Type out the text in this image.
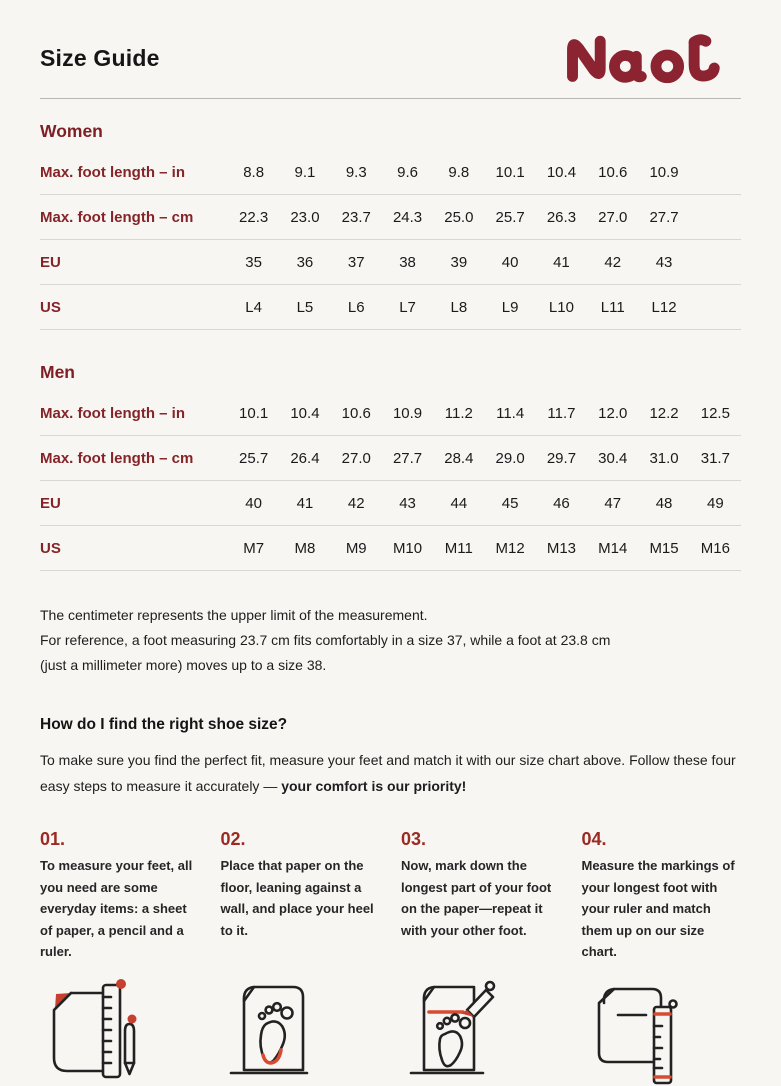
Size Guide
Women
Max. foot length – in	8.8	9.1	9.3	9.6	9.8	10.1	10.4	10.6	10.9
Max. foot length – cm	22.3	23.0	23.7	24.3	25.0	25.7	26.3	27.0	27.7
EU	35	36	37	38	39	40	41	42	43
US	L4	L5	L6	L7	L8	L9	L10	L11	L12
Men
Max. foot length – in	10.1	10.4	10.6	10.9	11.2	11.4	11.7	12.0	12.2	12.5
Max. foot length – cm	25.7	26.4	27.0	27.7	28.4	29.0	29.7	30.4	31.0	31.7
EU	40	41	42	43	44	45	46	47	48	49
US	M7	M8	M9	M10	M11	M12	M13	M14	M15	M16
The centimeter represents the upper limit of the measurement.
For reference, a foot measuring 23.7 cm fits comfortably in a size 37, while a foot at 23.8 cm
(just a millimeter more) moves up to a size 38.
How do I find the right shoe size?
To make sure you find the perfect fit, measure your feet and match it with our size chart above. Follow these four easy steps to measure it accurately — your comfort is our priority!
01.
To measure your feet, all you need are some everyday items: a sheet of paper, a pencil and a ruler.
02.
Place that paper on the floor, leaning against a wall, and place your heel to it.
03.
Now, mark down the longest part of your foot on the paper—repeat it with your other foot.
04.
Measure the markings of your longest foot with your ruler and match them up on our size chart.
